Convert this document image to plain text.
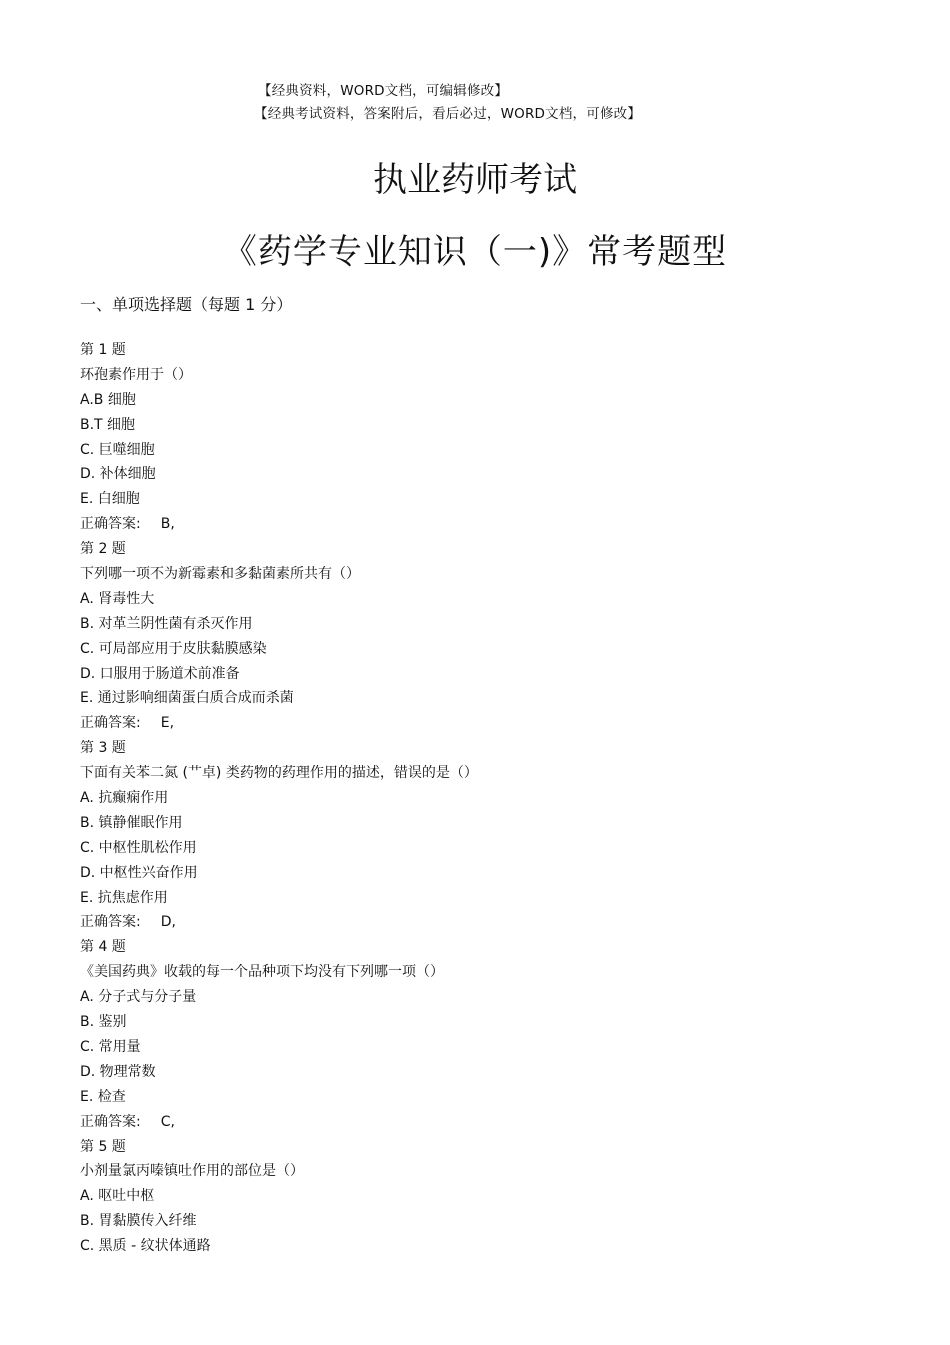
【经典资料，WORD文档，可编辑修改】
【经典考试资料，答案附后，看后必过，WORD文档，可修改】
执业药师考试
《药学专业知识（一)》常考题型
一、单项选择题（每题 1 分）
第 1 题
环孢素作用于（）
A.B 细胞
B.T 细胞
C. 巨噬细胞
D. 补体细胞
E. 白细胞
正确答案: B,
第 2 题
下列哪一项不为新霉素和多黏菌素所共有（）
A. 肾毒性大
B. 对革兰阴性菌有杀灭作用
C. 可局部应用于皮肤黏膜感染
D. 口服用于肠道术前准备
E. 通过影响细菌蛋白质合成而杀菌
正确答案: E,
第 3 题
下面有关苯二氮 (艹卓) 类药物的药理作用的描述，错误的是（）
A. 抗癫痫作用
B. 镇静催眠作用
C. 中枢性肌松作用
D. 中枢性兴奋作用
E. 抗焦虑作用
正确答案: D,
第 4 题
《美国药典》收载的每一个品种项下均没有下列哪一项（）
A. 分子式与分子量
B. 鉴别
C. 常用量
D. 物理常数
E. 检查
正确答案: C,
第 5 题
小剂量氯丙嗪镇吐作用的部位是（）
A. 呕吐中枢
B. 胃黏膜传入纤维
C. 黑质 - 纹状体通路
